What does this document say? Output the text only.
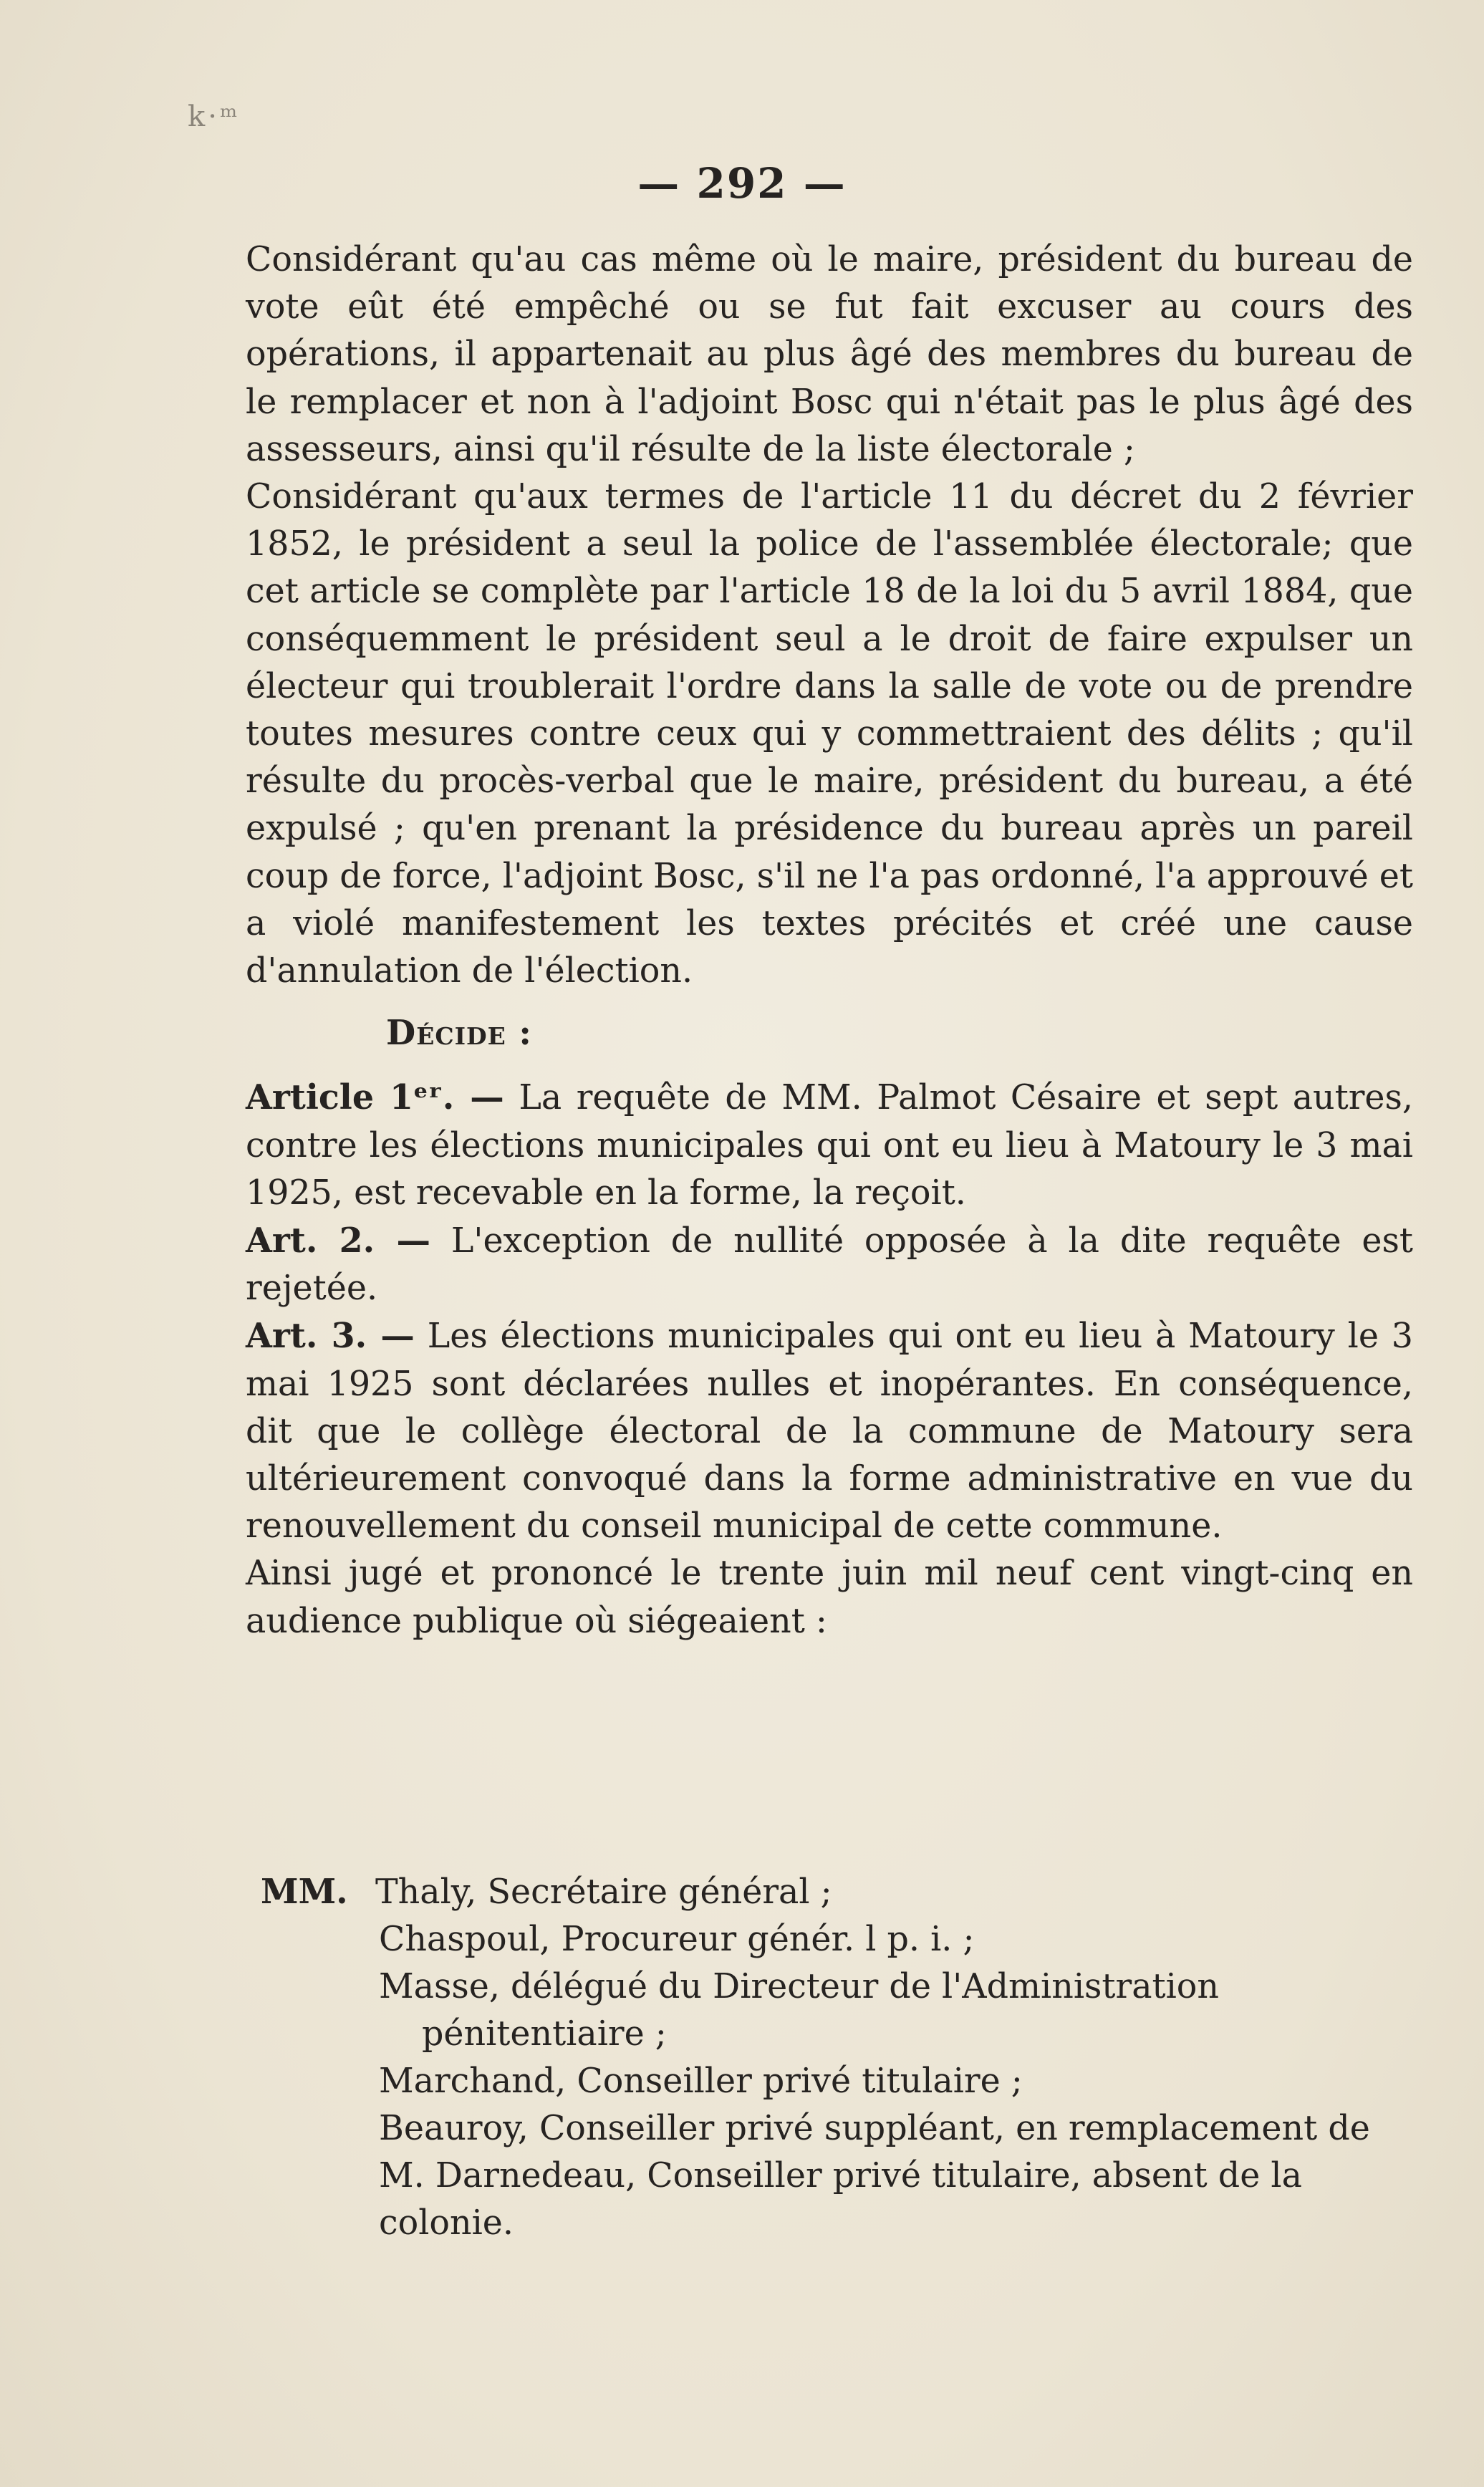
k·ᵐ
— 292 —

Considérant qu'au cas même où le maire, président du bureau de vote eût été empêché ou se fut fait excuser au cours des opérations, il appartenait au plus âgé des membres du bureau de le remplacer et non à l'adjoint Bosc qui n'était pas le plus âgé des assesseurs, ainsi qu'il résulte de la liste électorale ;

Considérant qu'aux termes de l'article 11 du décret du 2 février 1852, le président a seul la police de l'assemblée électorale; que cet article se complète par l'article 18 de la loi du 5 avril 1884, que conséquemment le président seul a le droit de faire expulser un électeur qui troublerait l'ordre dans la salle de vote ou de prendre toutes mesures contre ceux qui y commettraient des délits ; qu'il résulte du procès-verbal que le maire, président du bureau, a été expulsé ; qu'en prenant la présidence du bureau après un pareil coup de force, l'adjoint Bosc, s'il ne l'a pas ordonné, l'a approuvé et a violé manifestement les textes précités et créé une cause d'annulation de l'élection.

Décide :

Article 1ᵉʳ. — La requête de MM. Palmot Césaire et sept autres, contre les élections municipales qui ont eu lieu à Matoury le 3 mai 1925, est recevable en la forme, la reçoit.

Art. 2. — L'exception de nullité opposée à la dite requête est rejetée.

Art. 3. — Les élections municipales qui ont eu lieu à Matoury le 3 mai 1925 sont déclarées nulles et inopérantes. En conséquence, dit que le collège électoral de la commune de Matoury sera ultérieurement convoqué dans la forme administrative en vue du renouvellement du conseil municipal de cette commune.

Ainsi jugé et prononcé le trente juin mil neuf cent vingt-cinq en audience publique où siégeaient :

MM. Thaly, Secrétaire général ;
Chaspoul, Procureur génér. l p. i. ;
Masse, délégué du Directeur de l'Administration
pénitentiaire ;
Marchand, Conseiller privé titulaire ;
Beauroy, Conseiller privé suppléant, en remplacement de M. Darnedeau, Conseiller privé titulaire, absent de la colonie.
